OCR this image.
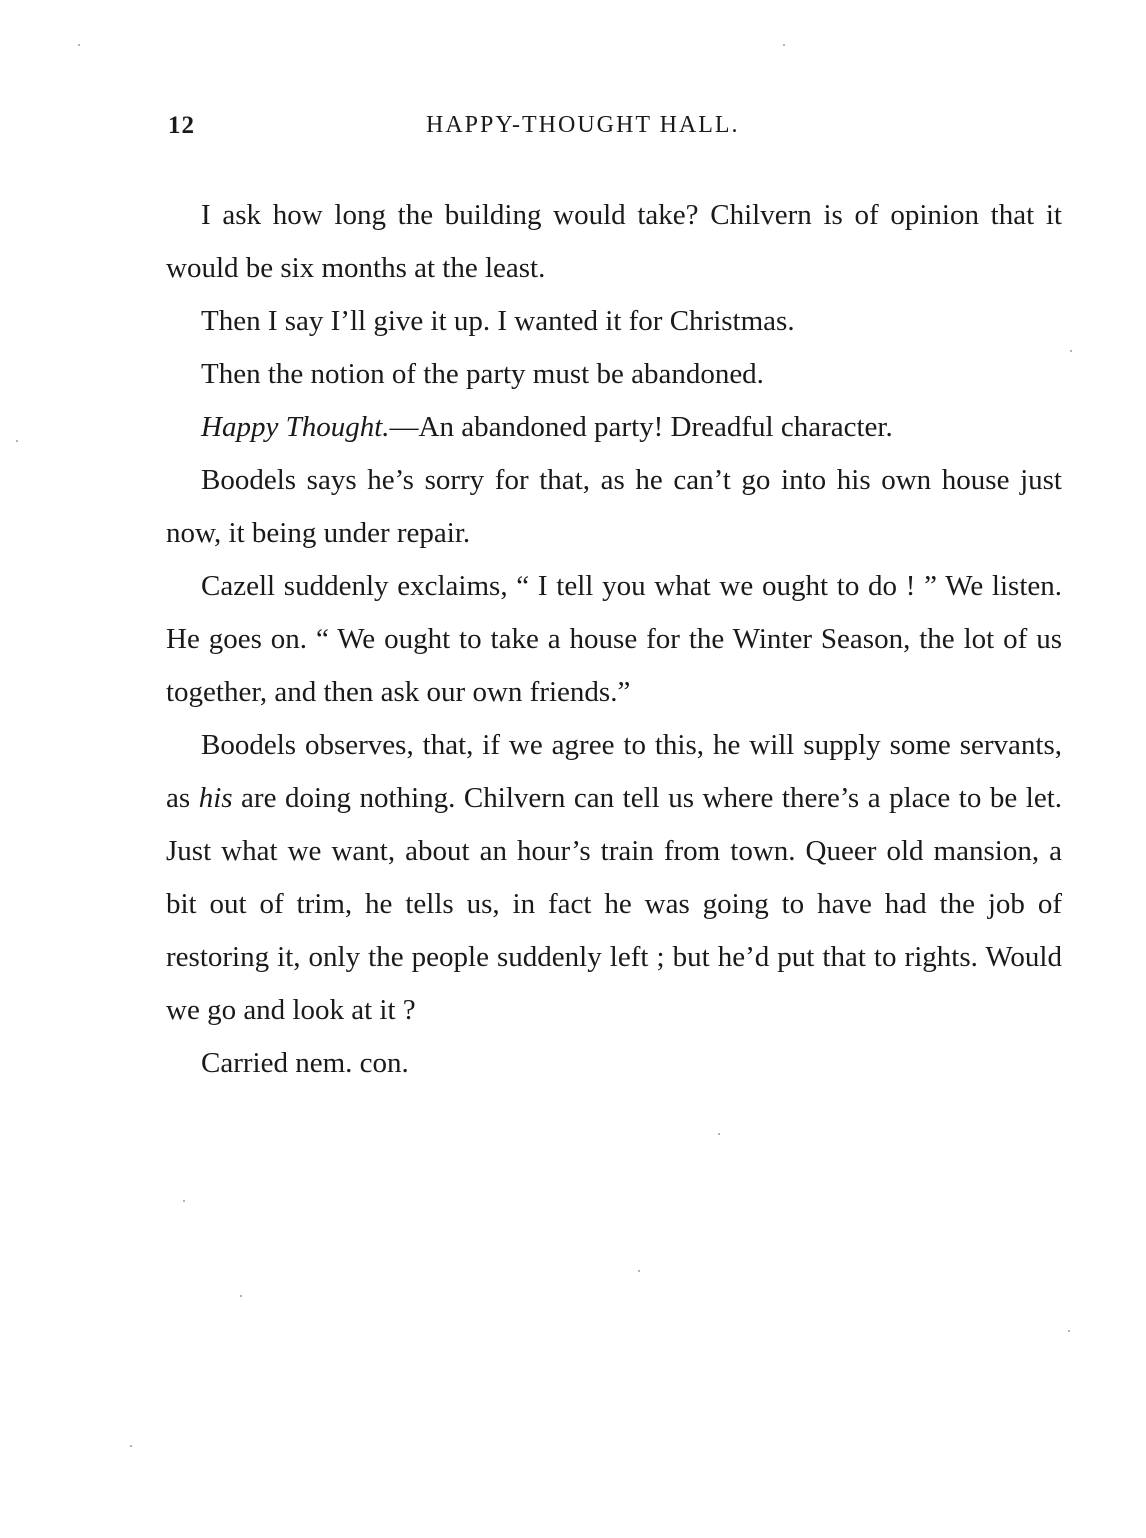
12	HAPPY-THOUGHT HALL.

I ask how long the building would take? Chilvern is of opinion that it would be six months at the least.

Then I say I’ll give it up. I wanted it for Christmas.

Then the notion of the party must be abandoned.

Happy Thought.—An abandoned party! Dreadful character.

Boodels says he’s sorry for that, as he can’t go into his own house just now, it being under repair.

Cazell suddenly exclaims, “ I tell you what we ought to do ! ” We listen. He goes on. “ We ought to take a house for the Winter Season, the lot of us together, and then ask our own friends.”

Boodels observes, that, if we agree to this, he will supply some servants, as his are doing nothing. Chilvern can tell us where there’s a place to be let. Just what we want, about an hour’s train from town. Queer old mansion, a bit out of trim, he tells us, in fact he was going to have had the job of restoring it, only the people suddenly left ; but he’d put that to rights. Would we go and look at it ?

Carried nem. con.
